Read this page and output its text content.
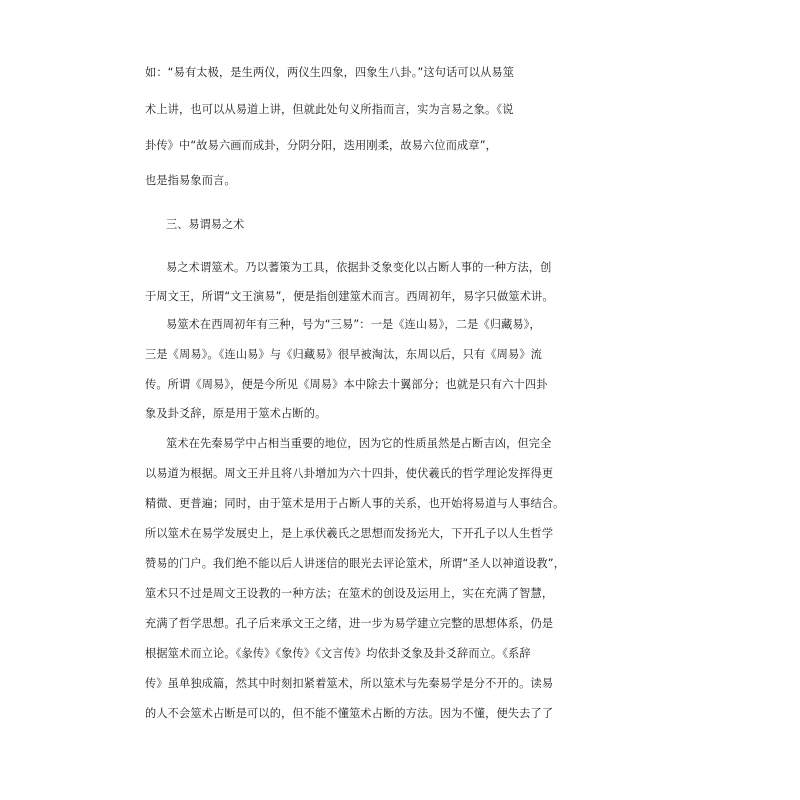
如：“易有太极，是生两仪，两仪生四象，四象生八卦。”这句话可以从易筮
术上讲，也可以从易道上讲，但就此处句义所指而言，实为言易之象。《说
卦传》中“故易六画而成卦，分阴分阳，迭用刚柔，故易六位而成章”，
也是指易象而言。
三、易谓易之术
易之术谓筮术。乃以蓍策为工具，依据卦爻象变化以占断人事的一种方法，创
于周文王，所谓“文王演易”，便是指创建筮术而言。西周初年，易字只做筮术讲。
易筮术在西周初年有三种，号为“三易”：一是《连山易》，二是《归藏易》，
三是《周易》。《连山易》与《归藏易》很早被淘汰，东周以后，只有《周易》流
传。所谓《周易》，便是今所见《周易》本中除去十翼部分；也就是只有六十四卦
象及卦爻辞，原是用于筮术占断的。
筮术在先秦易学中占相当重要的地位，因为它的性质虽然是占断吉凶，但完全
以易道为根据。周文王并且将八卦增加为六十四卦，使伏羲氏的哲学理论发挥得更
精微、更普遍；同时，由于筮术是用于占断人事的关系，也开始将易道与人事结合。
所以筮术在易学发展史上，是上承伏羲氏之思想而发扬光大，下开孔子以人生哲学
赞易的门户。我们绝不能以后人讲迷信的眼光去评论筮术，所谓“圣人以神道设教”，
筮术只不过是周文王设教的一种方法；在筮术的创设及运用上，实在充满了智慧，
充满了哲学思想。孔子后来承文王之绪，进一步为易学建立完整的思想体系，仍是
根据筮术而立论。《彖传》《象传》《文言传》均依卦爻象及卦爻辞而立。《系辞
传》虽单独成篇，然其中时刻扣紧着筮术，所以筮术与先秦易学是分不开的。读易
的人不会筮术占断是可以的，但不能不懂筮术占断的方法。因为不懂，便失去了了
